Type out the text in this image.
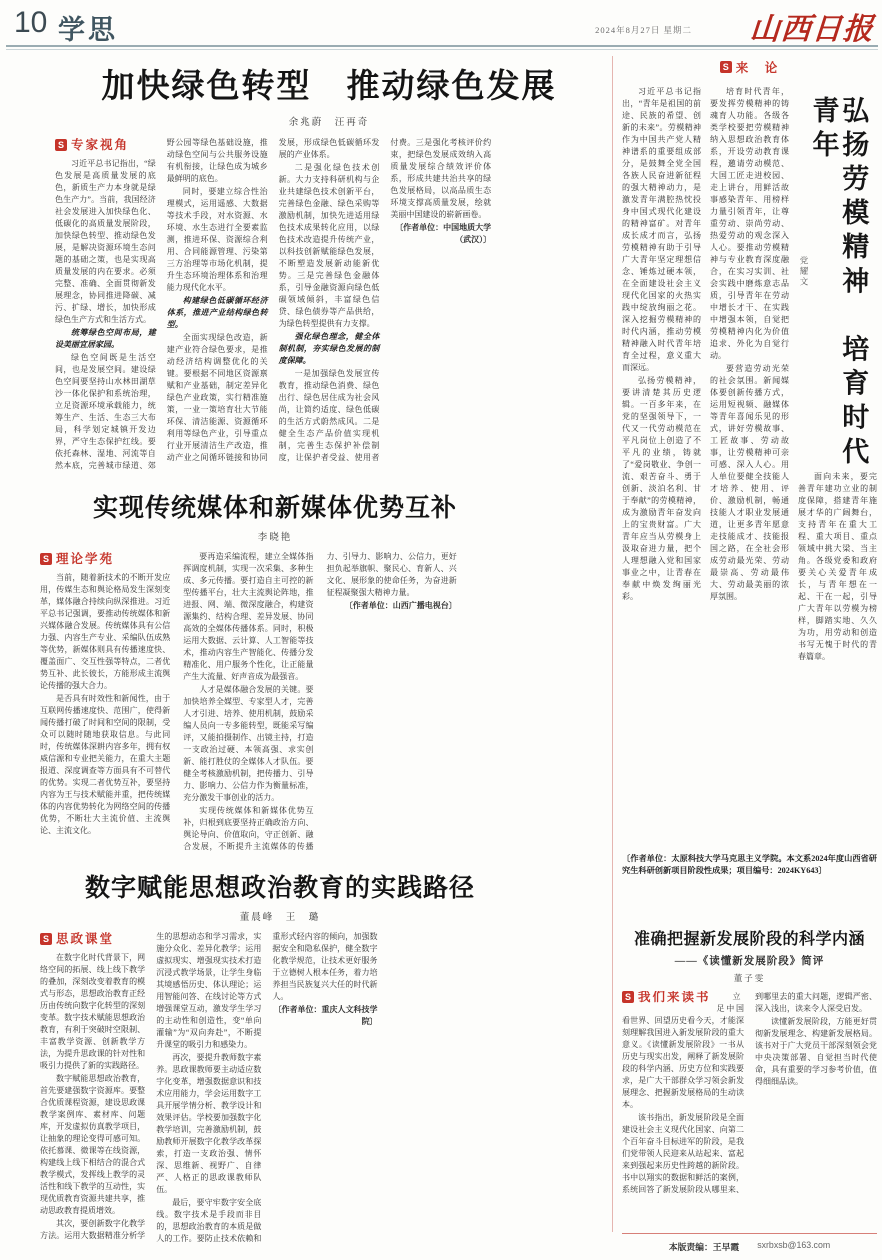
10 学思	2024年8月27日 星期二 山西日报
加快绿色转型　推动绿色发展
余兆蔚　汪再奇
S 专家视角

习近平总书记指出，“绿色发展是高质量发展的底色，新质生产力本身就是绿色生产力”。当前，我国经济社会发展进入加快绿色化、低碳化的高质量发展阶段，加快绿色转型、推动绿色发展，是解决资源环境生态问题的基础之策，也是实现高质量发展的内在要求。必须完整、准确、全面贯彻新发展理念，协同推进降碳、减污、扩绿、增长，加快形成绿色生产方式和生活方式。

统筹绿色空间布局，建设美丽宜居家园。

绿色空间既是生活空间，也是发展空间。建设绿色空间要坚持山水林田湖草沙一体化保护和系统治理，立足资源环境承载能力，统筹生产、生活、生态三大布局，科学划定城镇开发边界，严守生态保护红线。要依托森林、湿地、河流等自然本底，完善城市绿道、郊野公园等绿色基础设施，推动绿色空间与公共服务设施有机衔接，让绿色成为城乡最鲜明的底色。

同时，要建立综合性治理模式，运用遥感、大数据等技术手段，对水资源、水环境、水生态进行全要素监测，推进环保、资源综合利用、合同能源管理、污染第三方治理等市场化机制，提升生态环境治理体系和治理能力现代化水平。

构建绿色低碳循环经济体系，推进产业结构绿色转型。

全面实现绿色改造，新建产业符合绿色要求，是推动经济结构调整优化的关键。要根据不同地区资源禀赋和产业基础，制定差异化绿色产业政策，实行精准施策，一业一策培育壮大节能环保、清洁能源、资源循环利用等绿色产业，引导重点行业开展清洁生产改造，推动产业之间循环链接和协同发展，形成绿色低碳循环发展的产业体系。

二是强化绿色技术创新。大力支持科研机构与企业共建绿色技术创新平台，完善绿色金融、绿色采购等激励机制，加快先进适用绿色技术成果转化应用，以绿色技术改造提升传统产业，以科技创新赋能绿色发展，不断塑造发展新动能新优势。三是完善绿色金融体系，引导金融资源向绿色低碳领域倾斜，丰富绿色信贷、绿色债券等产品供给，为绿色转型提供有力支撑。

强化绿色理念，健全体制机制，夯实绿色发展的制度保障。

一是加强绿色发展宣传教育，推动绿色消费、绿色出行、绿色居住成为社会风尚，让简约适度、绿色低碳的生活方式蔚然成风。二是健全生态产品价值实现机制，完善生态保护补偿制度，让保护者受益、使用者付费。三是强化考核评价约束，把绿色发展成效纳入高质量发展综合绩效评价体系，形成共建共治共享的绿色发展格局，以高品质生态环境支撑高质量发展，绘就美丽中国建设的崭新画卷。

〔作者单位：中国地质大学（武汉）〕

S 来　论

习近平总书记指出，“青年是祖国的前途、民族的希望、创新的未来”。劳模精神作为中国共产党人精神谱系的重要组成部分，是鼓舞全党全国各族人民奋进新征程的强大精神动力，是激发青年满腔热忱投身中国式现代化建设的精神富矿。对青年成长成才而言，弘扬劳模精神有助于引导广大青年坚定理想信念、锤炼过硬本领，在全面建设社会主义现代化国家的火热实践中绽放绚丽之花。深入挖掘劳模精神的时代内涵，推动劳模精神融入时代青年培育全过程，意义重大而深远。

弘扬劳模精神，要讲清楚其历史逻辑。一百多年来，在党的坚强领导下，一代又一代劳动模范在平凡岗位上创造了不平凡的业绩，铸就了“爱岗敬业、争创一流、艰苦奋斗、勇于创新、淡泊名利、甘于奉献”的劳模精神，成为激励青年奋发向上的宝贵财富。广大青年应当从劳模身上汲取奋进力量，把个人理想融入党和国家事业之中，让青春在奉献中焕发绚丽光彩。

培育时代青年，要发挥劳模精神的铸魂育人功能。各级各类学校要把劳模精神纳入思想政治教育体系，开设劳动教育课程，邀请劳动模范、大国工匠走进校园、走上讲台，用鲜活故事感染青年、用榜样力量引领青年，让尊重劳动、崇尚劳动、热爱劳动的观念深入人心。要推动劳模精神与专业教育深度融合，在实习实训、社会实践中磨炼意志品质，引导青年在劳动中增长才干、在实践中增强本领，自觉把劳模精神内化为价值追求、外化为自觉行动。

要营造劳动光荣的社会氛围。新闻媒体要创新传播方式，运用短视频、融媒体等青年喜闻乐见的形式，讲好劳模故事、工匠故事、劳动故事，让劳模精神可亲可感、深入人心。用人单位要健全技能人才培养、使用、评价、激励机制，畅通技能人才职业发展通道，让更多青年愿意走技能成才、技能报国之路，在全社会形成劳动最光荣、劳动最崇高、劳动最伟大、劳动最美丽的浓厚氛围。

弘扬劳模精神　培育时代青年
党耀文

面向未来，要完善青年建功立业的制度保障，搭建青年施展才华的广阔舞台，支持青年在重大工程、重大项目、重点领域中挑大梁、当主角。各级党委和政府要关心关爱青年成长，与青年想在一起、干在一起，引导广大青年以劳模为榜样，脚踏实地、久久为功，用劳动和创造书写无愧于时代的青春篇章。

〔作者单位：太原科技大学马克思主义学院。本文系2024年度山西省研究生科研创新项目阶段性成果；项目编号：2024KY643〕
实现传统媒体和新媒体优势互补
李晓艳
S 理论学苑

当前，随着新技术的不断开发应用，传媒生态和舆论格局发生深刻变革，媒体融合持续向纵深推进。习近平总书记强调，要推动传统媒体和新兴媒体融合发展。传统媒体具有公信力强、内容生产专业、采编队伍成熟等优势，新媒体则具有传播速度快、覆盖面广、交互性强等特点，二者优势互补、此长彼长，方能形成主流舆论传播的强大合力。

是否具有时效性和新闻性，由于互联网传播速度快、范围广，使得新闻传播打破了时间和空间的限制，受众可以随时随地获取信息。与此同时，传统媒体深耕内容多年，拥有权威信源和专业把关能力，在重大主题报道、深度调查等方面具有不可替代的优势。实现二者优势互补，要坚持内容为王与技术赋能并重，把传统媒体的内容优势转化为网络空间的传播优势，不断壮大主流价值、主流舆论、主流文化。

要再造采编流程，建立全媒体指挥调度机制，实现一次采集、多种生成、多元传播。要打造自主可控的新型传播平台，壮大主流舆论阵地，推进报、网、端、微深度融合，构建资源集约、结构合理、差异发展、协同高效的全媒体传播体系。同时，积极运用大数据、云计算、人工智能等技术，推动内容生产智能化、传播分发精准化、用户服务个性化，让正能量产生大流量、好声音成为最强音。

人才是媒体融合发展的关键。要加快培养全媒型、专家型人才，完善人才引进、培养、使用机制，鼓励采编人员向一专多能转型，既能采写编评，又能拍摄制作、出镜主持，打造一支政治过硬、本领高强、求实创新、能打胜仗的全媒体人才队伍。要健全考核激励机制，把传播力、引导力、影响力、公信力作为衡量标准，充分激发干事创业的活力。

实现传统媒体和新媒体优势互补，归根到底要坚持正确政治方向、舆论导向、价值取向，守正创新、融合发展，不断提升主流媒体的传播力、引导力、影响力、公信力，更好担负起举旗帜、聚民心、育新人、兴文化、展形象的使命任务，为奋进新征程凝聚强大精神力量。

〔作者单位：山西广播电视台〕

数字赋能思想政治教育的实践路径
董晨峰　王　璐
S 思政课堂

在数字化时代背景下，网络空间的拓展、线上线下教学的叠加，深刻改变着教育的模式与形态，思想政治教育正经历由传统向数字化转型的深刻变革。数字技术赋能思想政治教育，有利于突破时空限制、丰富教学资源、创新教学方法，为提升思政课的针对性和吸引力提供了新的实践路径。

数字赋能思想政治教育，首先要建强数字资源库。要整合优质课程资源，建设思政课教学案例库、素材库、问题库，开发虚拟仿真教学项目，让抽象的理论变得可感可知。依托慕课、微课等在线资源，构建线上线下相结合的混合式教学模式，发挥线上教学的灵活性和线下教学的互动性，实现优质教育资源共建共享，推动思政教育提质增效。

其次，要创新数字化教学方法。运用大数据精准分析学生的思想动态和学习需求，实施分众化、差异化教学；运用虚拟现实、增强现实技术打造沉浸式教学场景，让学生身临其境感悟历史、体认理论；运用智能问答、在线讨论等方式增强课堂互动，激发学生学习的主动性和创造性，变“单向灌输”为“双向奔赴”，不断提升课堂的吸引力和感染力。

再次，要提升教师数字素养。思政课教师要主动适应数字化变革，增强数据意识和技术应用能力，学会运用数字工具开展学情分析、教学设计和效果评估。学校要加强数字化教学培训，完善激励机制，鼓励教师开展数字化教学改革探索，打造一支政治强、情怀深、思维新、视野广、自律严、人格正的思政课教师队伍。

最后，要守牢数字安全底线。数字技术是手段而非目的，思想政治教育的本质是做人的工作。要防止技术依赖和重形式轻内容的倾向，加强数据安全和隐私保护，健全数字化教学规范，让技术更好服务于立德树人根本任务，着力培养担当民族复兴大任的时代新人。

〔作者单位：重庆人文科技学院〕

准确把握新发展阶段的科学内涵
——《读懂新发展阶段》简评
董子雯
S 我们来读书	立足中国看世界、回望历史看今天，才能深刻理解我国进入新发展阶段的重大意义。《读懂新发展阶段》一书从历史与现实出发，阐释了新发展阶段的科学内涵、历史方位和实践要求，是广大干部群众学习领会新发展理念、把握新发展格局的生动读本。

该书指出，新发展阶段是全面建设社会主义现代化国家、向第二个百年奋斗目标进军的阶段，是我们党带领人民迎来从站起来、富起来到强起来历史性跨越的新阶段。书中以翔实的数据和鲜活的案例，系统回答了新发展阶段从哪里来、到哪里去的重大问题，逻辑严密、深入浅出，读来令人深受启发。

读懂新发展阶段，方能更好贯彻新发展理念、构建新发展格局。该书对于广大党员干部深刻领会党中央决策部署、自觉担当时代使命，具有重要的学习参考价值，值得细细品读。

本版责编：王早霞 sxrbxsb@163.com
